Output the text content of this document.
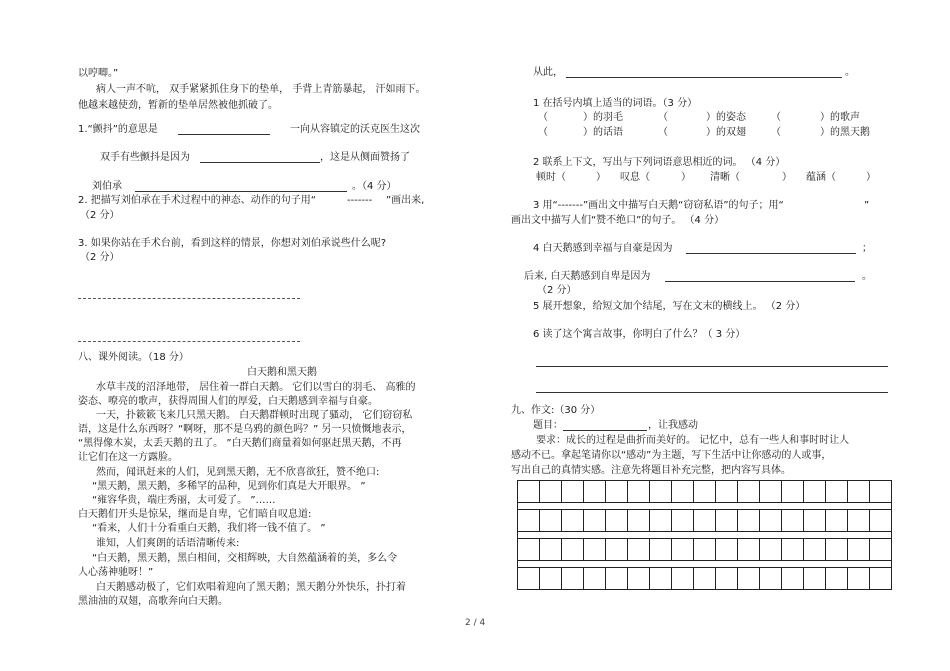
以哼唧。”
病人一声不吭， 双手紧紧抓住身下的垫单， 手背上青筋暴起， 汗如雨下。
他越来越使劲，暂新的垫单居然被他抓破了。
1.“颤抖”的意思是	一向从容镇定的沃克医生这次
双手有些颤抖是因为	，这是从侧面赞扬了
刘伯承	。（4 分）
2. 把描写刘伯承在手术过程中的神态、动作的句子用“	------- ”画出来,
（2 分）
3. 如果你站在手术台前，看到这样的情景，你想对刘伯承说些什么呢?
（2 分）
八、课外阅读。（18 分）
白天鹅和黑天鹅
水草丰茂的沼泽地带， 居住着一群白天鹅。 它们以雪白的羽毛、 高雅的
姿态、嘹亮的歌声，获得周围人们的厚爱，白天鹅感到幸福与自豪。
一天，扑簌簌飞来几只黑天鹅。 白天鹅群顿时出现了骚动， 它们窃窃私
语，这是什么东西呀？“啊呀，那不是乌鸦的颜色吗？” 另一只愤慨地表示，
“黑得像木炭，太丢天鹅的丑了。 ”白天鹅们商量着如何驱赶黑天鹅，不再
让它们在这一方露脸。
然而，闻讯赶来的人们，见到黑天鹅，无不欣喜欲狂，赞不绝口:
“黑天鹅，黑天鹅，多稀罕的品种，见到你们真是大开眼界。 ”
“雍容华贵，端庄秀丽，太可爱了。 ”……
白天鹅们开头是惊呆，继而是自卑，它们暗自叹息道:
“看来，人们十分看重白天鹅，我们将一钱不值了。 ”
谁知，人们爽朗的话语清晰传来:
“白天鹅，黑天鹅，黑白相间，交相辉映，大自然蕴涵着的美，多么令
人心荡神驰呀！”
白天鹅感动极了，它们欢唱着迎向了黑天鹅；黑天鹅分外快乐，扑打着
黑油油的双翅，高歌奔向白天鹅。
从此，	。
1 在括号内填上适当的词语。（3 分）
（	）的羽毛	（	）的姿态	（	）的歌声
（	）的话语	（	）的双翅	（	）的黑天鹅
2 联系上下文，写出与下列词语意思相近的词。 （4 分）
顿时（	） 叹息（	） 清晰（	） 蕴涵（	）
3 用“-------”画出文中描写白天鹅“窃窃私语”的句子；用“	”
画出文中描写人们“赞不绝口”的句子。 （4 分）
4 白天鹅感到幸福与自豪是因为	；
后来, 白天鹅感到自卑是因为	。
（2 分）
5 展开想象，给短文加个结尾，写在文末的横线上。 （2 分）
6 读了这个寓言故事，你明白了什么？（ 3 分）
九、作文:（30 分）
题目：	，让我感动
要求：成长的过程是曲折而美好的。 记忆中，总有一些人和事时时让人
感动不已。拿起笔请你以“感动”为主题，写下生活中让你感动的人或事，
写出自己的真情实感。注意先将题目补充完整，把内容写具体。

2 / 4
